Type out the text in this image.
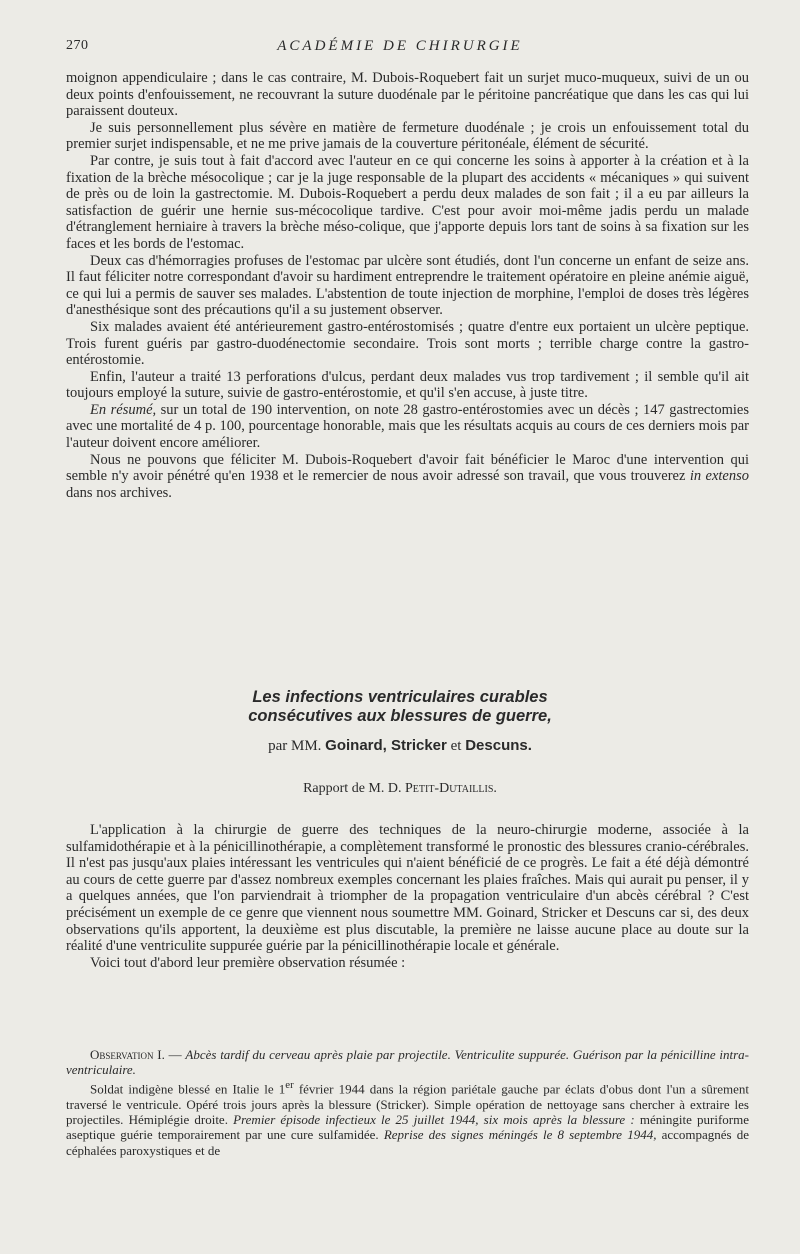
270	ACADÉMIE DE CHIRURGIE

moignon appendiculaire ; dans le cas contraire, M. Dubois-Roquebert fait un surjet muco-muqueux, suivi de un ou deux points d'enfouissement, ne recouvrant la suture duodénale par le péritoine pancréatique que dans les cas qui lui paraissent douteux.

Je suis personnellement plus sévère en matière de fermeture duodénale ; je crois un enfouissement total du premier surjet indispensable, et ne me prive jamais de la couverture péritonéale, élément de sécurité.

Par contre, je suis tout à fait d'accord avec l'auteur en ce qui concerne les soins à apporter à la création et à la fixation de la brèche mésocolique ; car je la juge responsable de la plupart des accidents « mécaniques » qui suivent de près ou de loin la gastrectomie. M. Dubois-Roquebert a perdu deux malades de son fait ; il a eu par ailleurs la satisfaction de guérir une hernie sus-mécocolique tardive. C'est pour avoir moi-même jadis perdu un malade d'étranglement herniaire à travers la brèche méso-colique, que j'apporte depuis lors tant de soins à sa fixation sur les faces et les bords de l'estomac.

Deux cas d'hémorragies profuses de l'estomac par ulcère sont étudiés, dont l'un concerne un enfant de seize ans. Il faut féliciter notre correspondant d'avoir su hardiment entreprendre le traitement opératoire en pleine anémie aiguë, ce qui lui a permis de sauver ses malades. L'abstention de toute injection de morphine, l'emploi de doses très légères d'anesthésique sont des précautions qu'il a su justement observer.

Six malades avaient été antérieurement gastro-entérostomisés ; quatre d'entre eux portaient un ulcère peptique. Trois furent guéris par gastro-duodénectomie secondaire. Trois sont morts ; terrible charge contre la gastro-entérostomie.

Enfin, l'auteur a traité 13 perforations d'ulcus, perdant deux malades vus trop tardivement ; il semble qu'il ait toujours employé la suture, suivie de gastro-entérostomie, et qu'il s'en accuse, à juste titre.

En résumé, sur un total de 190 intervention, on note 28 gastro-entérostomies avec un décès ; 147 gastrectomies avec une mortalité de 4 p. 100, pourcentage honorable, mais que les résultats acquis au cours de ces derniers mois par l'auteur doivent encore améliorer.

Nous ne pouvons que féliciter M. Dubois-Roquebert d'avoir fait bénéficier le Maroc d'une intervention qui semble n'y avoir pénétré qu'en 1938 et le remercier de nous avoir adressé son travail, que vous trouverez in extenso dans nos archives.

Les infections ventriculaires curables
consécutives aux blessures de guerre,
par MM. Goinard, Stricker et Descuns.
Rapport de M. D. Petit-Dutaillis.

L'application à la chirurgie de guerre des techniques de la neuro-chirurgie moderne, associée à la sulfamidothérapie et à la pénicillinothérapie, a complètement transformé le pronostic des blessures cranio-cérébrales. Il n'est pas jusqu'aux plaies intéressant les ventricules qui n'aient bénéficié de ce progrès. Le fait a été déjà démontré au cours de cette guerre par d'assez nombreux exemples concernant les plaies fraîches. Mais qui aurait pu penser, il y a quelques années, que l'on parviendrait à triompher de la propagation ventriculaire d'un abcès cérébral ? C'est précisément un exemple de ce genre que viennent nous soumettre MM. Goinard, Stricker et Descuns car si, des deux observations qu'ils apportent, la deuxième est plus discutable, la première ne laisse aucune place au doute sur la réalité d'une ventriculite suppurée guérie par la pénicillinothérapie locale et générale.

Voici tout d'abord leur première observation résumée :

Observation I. — Abcès tardif du cerveau après plaie par projectile. Ventriculite suppurée. Guérison par la pénicilline intra-ventriculaire.

Soldat indigène blessé en Italie le 1er février 1944 dans la région pariétale gauche par éclats d'obus dont l'un a sûrement traversé le ventricule. Opéré trois jours après la blessure (Stricker). Simple opération de nettoyage sans chercher à extraire les projectiles. Hémiplégie droite. Premier épisode infectieux le 25 juillet 1944, six mois après la blessure : méningite puriforme aseptique guérie temporairement par une cure sulfamidée. Reprise des signes méningés le 8 septembre 1944, accompagnés de céphalées paroxystiques et de
